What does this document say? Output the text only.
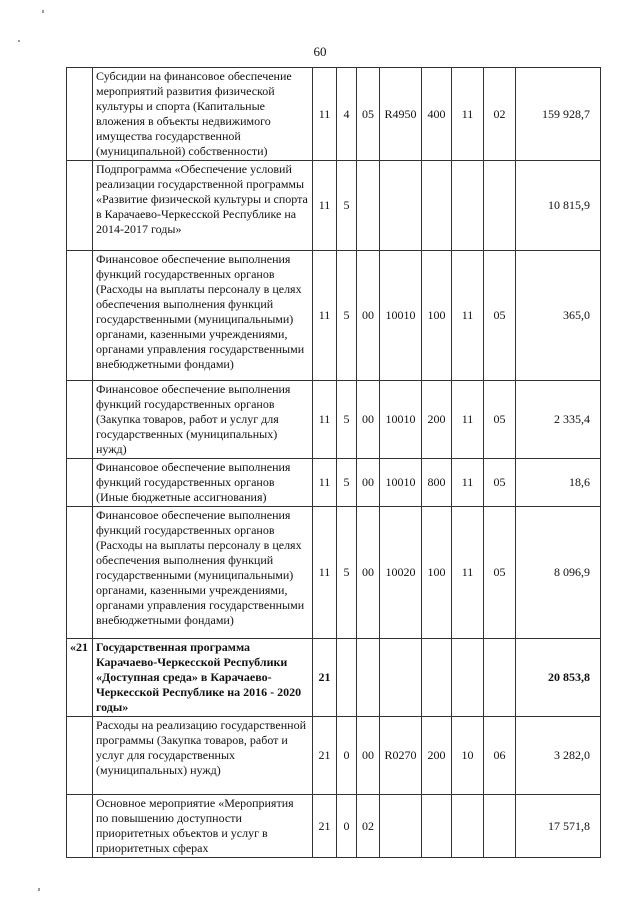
60
	Субсидии на финансовое обеспечение мероприятий развития физической культуры и спорта (Капитальные вложения в объекты недвижимого имущества государственной (муниципальной) собственности)	11	4	05	R4950	400	11	02	159 928,7
	Подпрограмма «Обеспечение условий реализации государственной программы «Развитие физической культуры и спорта в Карачаево-Черкесской Республике на 2014-2017 годы»	11	5						10 815,9
	Финансовое обеспечение выполнения функций государственных органов (Расходы на выплаты персоналу в целях обеспечения выполнения функций государственными (муниципальными) органами, казенными учреждениями, органами управления государственными внебюджетными фондами)	11	5	00	10010	100	11	05	365,0
	Финансовое обеспечение выполнения функций государственных органов (Закупка товаров, работ и услуг для государственных (муниципальных) нужд)	11	5	00	10010	200	11	05	2 335,4
	Финансовое обеспечение выполнения функций государственных органов (Иные бюджетные ассигнования)	11	5	00	10010	800	11	05	18,6
	Финансовое обеспечение выполнения функций государственных органов (Расходы на выплаты персоналу в целях обеспечения выполнения функций государственными (муниципальными) органами, казенными учреждениями, органами управления государственными внебюджетными фондами)	11	5	00	10020	100	11	05	8 096,9
«21	Государственная программа Карачаево-Черкесской Республики «Доступная среда» в Карачаево-Черкесской Республике на 2016 - 2020 годы»	21							20 853,8
	Расходы на реализацию государственной программы (Закупка товаров, работ и услуг для государственных (муниципальных) нужд)	21	0	00	R0270	200	10	06	3 282,0
	Основное мероприятие «Мероприятия по повышению доступности приоритетных объектов и услуг в приоритетных сферах	21	0	02					17 571,8
